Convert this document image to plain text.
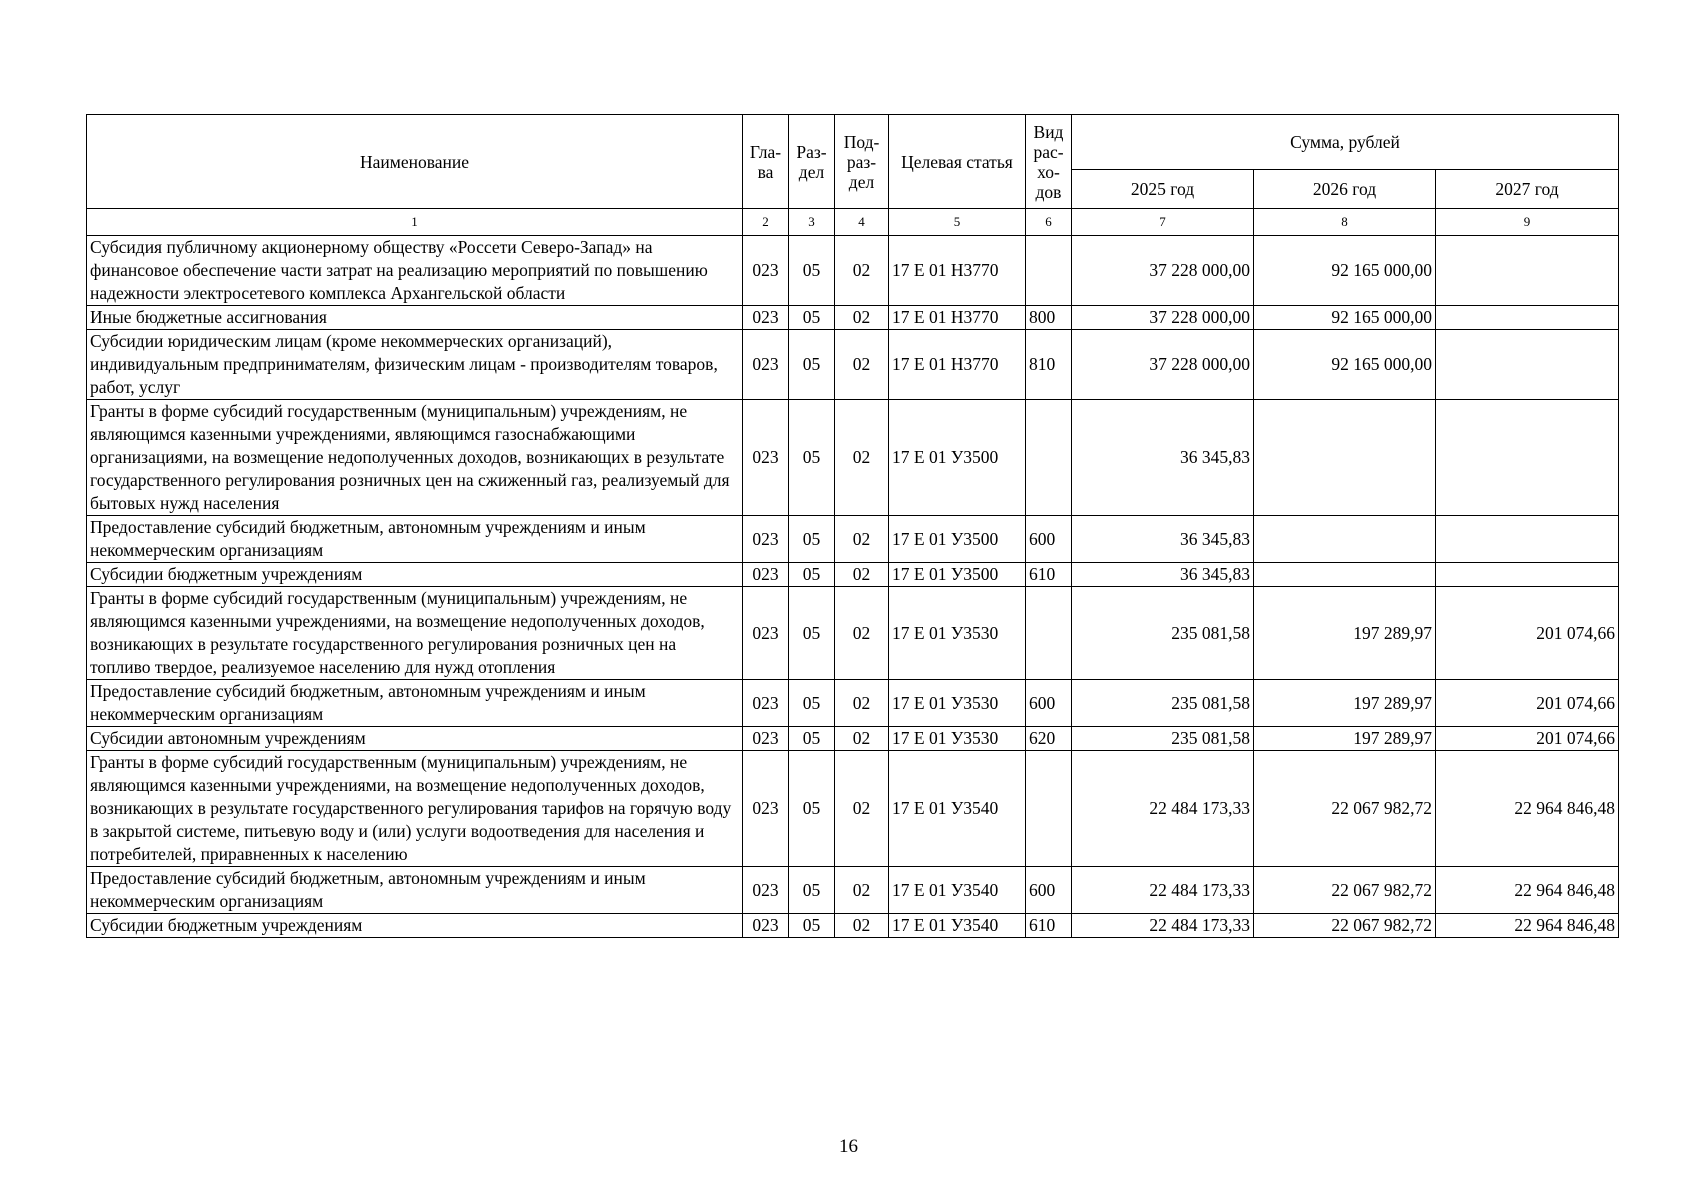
Наименование	Гла- ва	Раз- дел	Под- раз- дел	Целевая статья	Вид рас- хо- дов	Сумма, рублей		
						2025 год	2026 год	2027 год
1	2	3	4	5	6	7	8	9
Субсидия публичному акционерному обществу «Россети Северо-Запад» на финансовое обеспечение части затрат на реализацию мероприятий по повышению надежности электросетевого комплекса Архангельской области	023	05	02	17 Е 01 Н3770		37 228 000,00	92 165 000,00	
Иные бюджетные ассигнования	023	05	02	17 Е 01 Н3770	800	37 228 000,00	92 165 000,00	
Субсидии юридическим лицам (кроме некоммерческих организаций), индивидуальным предпринимателям, физическим лицам - производителям товаров, работ, услуг	023	05	02	17 Е 01 Н3770	810	37 228 000,00	92 165 000,00	
Гранты в форме субсидий государственным (муниципальным) учреждениям, не являющимся казенными учреждениями, являющимся газоснабжающими организациями, на возмещение недополученных доходов, возникающих в результате государственного регулирования розничных цен на сжиженный газ, реализуемый для бытовых нужд населения	023	05	02	17 Е 01 У3500		36 345,83		
Предоставление субсидий бюджетным, автономным учреждениям и иным некоммерческим организациям	023	05	02	17 Е 01 У3500	600	36 345,83		
Субсидии бюджетным учреждениям	023	05	02	17 Е 01 У3500	610	36 345,83		
Гранты в форме субсидий государственным (муниципальным) учреждениям, не являющимся казенными учреждениями, на возмещение недополученных доходов, возникающих в результате государственного регулирования розничных цен на топливо твердое, реализуемое населению для нужд отопления	023	05	02	17 Е 01 У3530		235 081,58	197 289,97	201 074,66
Предоставление субсидий бюджетным, автономным учреждениям и иным некоммерческим организациям	023	05	02	17 Е 01 У3530	600	235 081,58	197 289,97	201 074,66
Субсидии автономным учреждениям	023	05	02	17 Е 01 У3530	620	235 081,58	197 289,97	201 074,66
Гранты в форме субсидий государственным (муниципальным) учреждениям, не являющимся казенными учреждениями, на возмещение недополученных доходов, возникающих в результате государственного регулирования тарифов на горячую воду в закрытой системе, питьевую воду и (или) услуги водоотведения для населения и потребителей, приравненных к населению	023	05	02	17 Е 01 У3540		22 484 173,33	22 067 982,72	22 964 846,48
Предоставление субсидий бюджетным, автономным учреждениям и иным некоммерческим организациям	023	05	02	17 Е 01 У3540	600	22 484 173,33	22 067 982,72	22 964 846,48
Субсидии бюджетным учреждениям	023	05	02	17 Е 01 У3540	610	22 484 173,33	22 067 982,72	22 964 846,48
16
